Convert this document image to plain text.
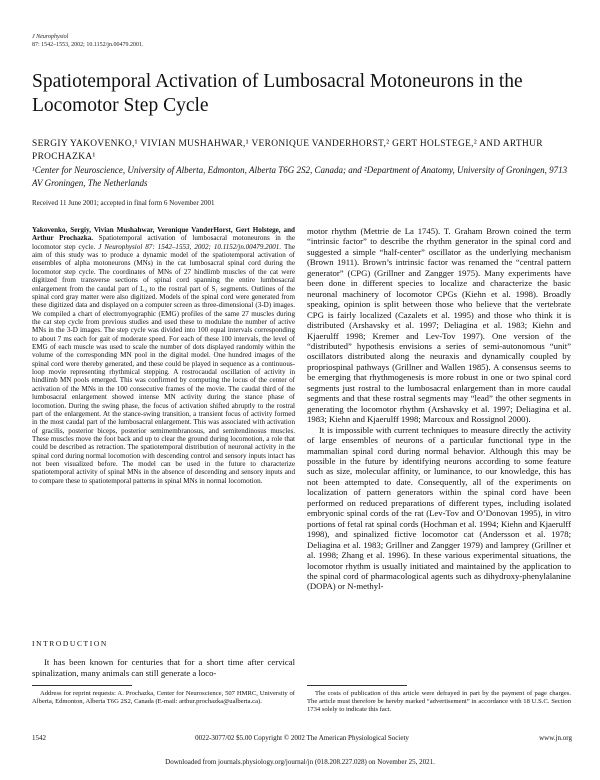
J Neurophysiol
87: 1542–1553, 2002; 10.1152/jn.00479.2001.
Spatiotemporal Activation of Lumbosacral Motoneurons in the Locomotor Step Cycle
SERGIY YAKOVENKO,¹ VIVIAN MUSHAHWAR,¹ VERONIQUE VANDERHORST,² GERT HOLSTEGE,² AND ARTHUR PROCHAZKA¹
¹Center for Neuroscience, University of Alberta, Edmonton, Alberta T6G 2S2, Canada; and ²Department of Anatomy, University of Groningen, 9713 AV Groningen, The Netherlands
Received 11 June 2001; accepted in final form 6 November 2001

Yakovenko, Sergiy, Vivian Mushahwar, Veronique VanderHorst, Gert Holstege, and Arthur Prochazka. Spatiotemporal activation of lumbosacral motoneurons in the locomotor step cycle. J Neurophysiol 87: 1542–1553, 2002; 10.1152/jn.00479.2001. The aim of this study was to produce a dynamic model of the spatiotemporal activation of ensembles of alpha motoneurons (MNs) in the cat lumbosacral spinal cord during the locomotor step cycle. The coordinates of MNs of 27 hindlimb muscles of the cat were digitized from transverse sections of spinal cord spanning the entire lumbosacral enlargement from the caudal part of L₄ to the rostral part of S₁ segments. Outlines of the spinal cord gray matter were also digitized. Models of the spinal cord were generated from these digitized data and displayed on a computer screen as three-dimensional (3-D) images. We compiled a chart of electromyographic (EMG) profiles of the same 27 muscles during the cat step cycle from previous studies and used these to modulate the number of active MNs in the 3-D images. The step cycle was divided into 100 equal intervals corresponding to about 7 ms each for gait of moderate speed. For each of these 100 intervals, the level of EMG of each muscle was used to scale the number of dots displayed randomly within the volume of the corresponding MN pool in the digital model. One hundred images of the spinal cord were thereby generated, and these could be played in sequence as a continuous-loop movie representing rhythmical stepping. A rostrocaudal oscillation of activity in hindlimb MN pools emerged. This was confirmed by computing the locus of the center of activation of the MNs in the 100 consecutive frames of the movie. The caudal third of the lumbosacral enlargement showed intense MN activity during the stance phase of locomotion. During the swing phase, the focus of activation shifted abruptly to the rostral part of the enlargement. At the stance-swing transition, a transient focus of activity formed in the most caudal part of the lumbosacral enlargement. This was associated with activation of gracilis, posterior biceps, posterior semimembranosus, and semitendinosus muscles. These muscles move the foot back and up to clear the ground during locomotion, a role that could be described as retraction. The spatiotemporal distribution of neuronal activity in the spinal cord during normal locomotion with descending control and sensory inputs intact has not been visualized before. The model can be used in the future to characterize spatiotemporal activity of spinal MNs in the absence of descending and sensory inputs and to compare these to spatiotemporal patterns in spinal MNs in normal locomotion.

INTRODUCTION

It has been known for centuries that for a short time after cervical spinalization, many animals can still generate a loco-

motor rhythm (Mettrie de La 1745). T. Graham Brown coined the term “intrinsic factor” to describe the rhythm generator in the spinal cord and suggested a simple “half-center” oscillator as the underlying mechanism (Brown 1911). Brown’s intrinsic factor was renamed the “central pattern generator” (CPG) (Grillner and Zangger 1975). Many experiments have been done in different species to localize and characterize the basic neuronal machinery of locomotor CPGs (Kiehn et al. 1998). Broadly speaking, opinion is split between those who believe that the vertebrate CPG is fairly localized (Cazalets et al. 1995) and those who think it is distributed (Arshavsky et al. 1997; Deliagina et al. 1983; Kiehn and Kjaerulff 1998; Kremer and Lev-Tov 1997). One version of the “distributed” hypothesis envisions a series of semi-autonomous “unit” oscillators distributed along the neuraxis and dynamically coupled by propriospinal pathways (Grillner and Wallen 1985). A consensus seems to be emerging that rhythmogenesis is more robust in one or two spinal cord segments just rostral to the lumbosacral enlargement than in more caudal segments and that these rostral segments may “lead” the other segments in generating the locomotor rhythm (Arshavsky et al. 1997; Deliagina et al. 1983; Kiehn and Kjaerulff 1998; Marcoux and Rossignol 2000).

It is impossible with current techniques to measure directly the activity of large ensembles of neurons of a particular functional type in the mammalian spinal cord during normal behavior. Although this may be possible in the future by identifying neurons according to some feature such as size, molecular affinity, or luminance, to our knowledge, this has not been attempted to date. Consequently, all of the experiments on localization of pattern generators within the spinal cord have been performed on reduced preparations of different types, including isolated embryonic spinal cords of the rat (Lev-Tov and O’Donovan 1995), in vitro portions of fetal rat spinal cords (Hochman et al. 1994; Kiehn and Kjaerulff 1998), and spinalized fictive locomotor cat (Andersson et al. 1978; Deliagina et al. 1983; Grillner and Zangger 1979) and lamprey (Grillner et al. 1998; Zhang et al. 1996). In these various experimental situations, the locomotor rhythm is usually initiated and maintained by the application to the spinal cord of pharmacological agents such as dihydroxy-phenylalanine (DOPA) or N-methyl-

Address for reprint requests: A. Prochazka, Center for Neuroscience, 507 HMRC, University of Alberta, Edmonton, Alberta T6G 2S2, Canada (E-mail: arthur.prochazka@ualberta.ca).

The costs of publication of this article were defrayed in part by the payment of page charges. The article must therefore be hereby marked “advertisement” in accordance with 18 U.S.C. Section 1734 solely to indicate this fact.

1542	0022-3077/02 $5.00 Copyright © 2002 The American Physiological Society	www.jn.org
Downloaded from journals.physiology.org/journal/jn (018.208.227.028) on November 25, 2021.
